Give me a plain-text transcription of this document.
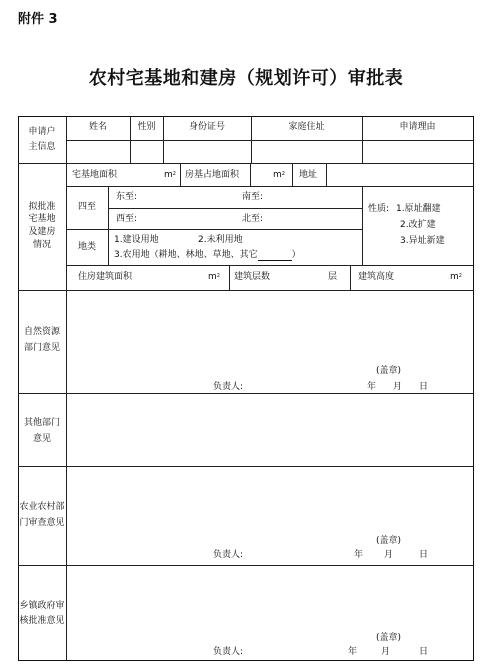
附件 3
农村宅基地和建房（规划许可）审批表
申请户
主信息
姓名	性别	身份证号	家庭住址	申请理由
拟批准
宅基地
及建房
情况
宅基地面积	$m^2$ 房基占地面积	$m^2$ 地址
四至
东至:	南至:
西至:	北至:
性质: 1.原址翻建
2.改扩建
3.异址新建
地类
1.建设用地	2.未利用地
3.农用地（耕地、林地、草地、其它	）
住房建筑面积	$m^2$ 建筑层数	层 建筑高度	$m^2$
自然资源
部门意见
(盖章)
负责人:	年 月 日
其他部门
意见
农业农村部
门审查意见
(盖章)
负责人:	年 月	日
乡镇政府审
核批准意见
(盖章)
负责人:	年	月	日
